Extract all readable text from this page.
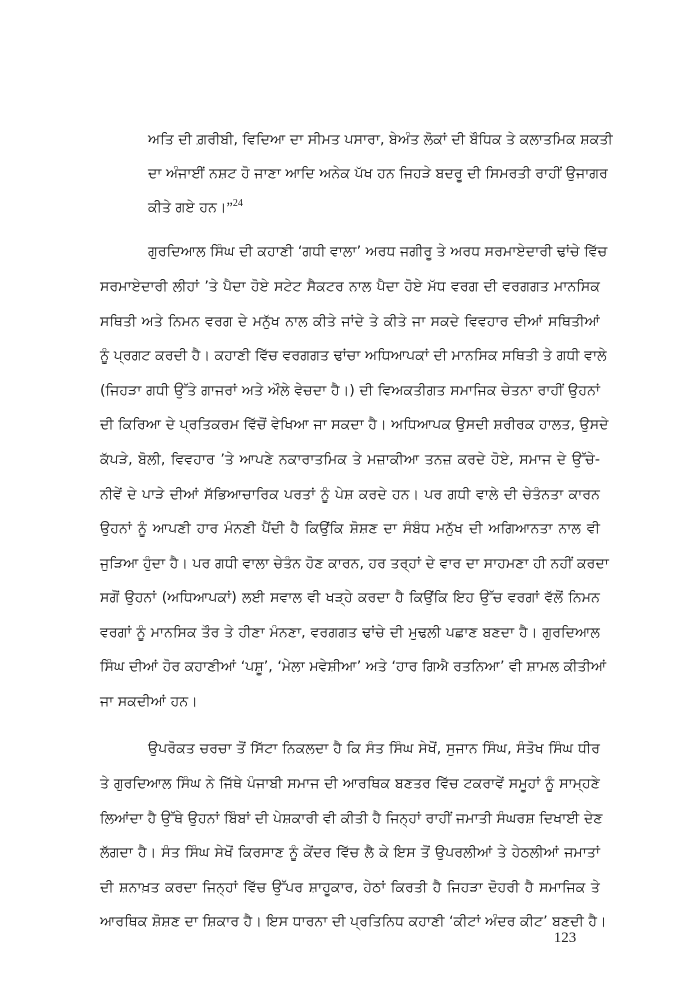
ਅਤਿ ਦੀ ਗ਼ਰੀਬੀ, ਵਿਦਿਆ ਦਾ ਸੀਮਤ ਪਸਾਰਾ, ਬੇਅੰਤ ਲੋਕਾਂ ਦੀ ਬੌਧਿਕ ਤੇ ਕਲਾਤਮਿਕ ਸ਼ਕਤੀ
ਦਾ ਅੰਜਾਈਂ ਨਸ਼ਟ ਹੋ ਜਾਣਾ ਆਦਿ ਅਨੇਕ ਪੱਖ ਹਨ ਜਿਹੜੇ ਬਦਰੂ ਦੀ ਸਿਮਰਤੀ ਰਾਹੀਂ ਉਜਾਗਰ
ਕੀਤੇ ਗਏ ਹਨ।”$^{24}$
ਗੁਰਦਿਆਲ ਸਿੰਘ ਦੀ ਕਹਾਣੀ ‘ਗਧੀ ਵਾਲਾ’ ਅਰਧ ਜਗੀਰੂ ਤੇ ਅਰਧ ਸਰਮਾਏਦਾਰੀ ਢਾਂਚੇ ਵਿੱਚ
ਸਰਮਾਏਦਾਰੀ ਲੀਹਾਂ ’ਤੇ ਪੈਦਾ ਹੋਏ ਸਟੇਟ ਸੈਕਟਰ ਨਾਲ ਪੈਦਾ ਹੋਏ ਮੱਧ ਵਰਗ ਦੀ ਵਰਗਗਤ ਮਾਨਸਿਕ
ਸਥਿਤੀ ਅਤੇ ਨਿਮਨ ਵਰਗ ਦੇ ਮਨੁੱਖ ਨਾਲ ਕੀਤੇ ਜਾਂਦੇ ਤੇ ਕੀਤੇ ਜਾ ਸਕਦੇ ਵਿਵਹਾਰ ਦੀਆਂ ਸਥਿਤੀਆਂ
ਨੂੰ ਪ੍ਰਗਟ ਕਰਦੀ ਹੈ। ਕਹਾਣੀ ਵਿੱਚ ਵਰਗਗਤ ਢਾਂਚਾ ਅਧਿਆਪਕਾਂ ਦੀ ਮਾਨਸਿਕ ਸਥਿਤੀ ਤੇ ਗਧੀ ਵਾਲੇ
(ਜਿਹੜਾ ਗਧੀ ਉੱਤੇ ਗਾਜਰਾਂ ਅਤੇ ਔਲੇ ਵੇਚਦਾ ਹੈ।) ਦੀ ਵਿਅਕਤੀਗਤ ਸਮਾਜਿਕ ਚੇਤਨਾ ਰਾਹੀਂ ਉਹਨਾਂ
ਦੀ ਕਿਰਿਆ ਦੇ ਪ੍ਰਤਿਕਰਮ ਵਿੱਚੋਂ ਵੇਖਿਆ ਜਾ ਸਕਦਾ ਹੈ। ਅਧਿਆਪਕ ਉਸਦੀ ਸ਼ਰੀਰਕ ਹਾਲਤ, ਉਸਦੇ
ਕੱਪੜੇ, ਬੋਲੀ, ਵਿਵਹਾਰ ’ਤੇ ਆਪਣੇ ਨਕਾਰਾਤਮਿਕ ਤੇ ਮਜ਼ਾਕੀਆ ਤਨਜ਼ ਕਰਦੇ ਹੋਏ, ਸਮਾਜ ਦੇ ਉੱਚੇ-
ਨੀਵੇਂ ਦੇ ਪਾੜੇ ਦੀਆਂ ਸੱਭਿਆਚਾਰਿਕ ਪਰਤਾਂ ਨੂੰ ਪੇਸ਼ ਕਰਦੇ ਹਨ। ਪਰ ਗਧੀ ਵਾਲੇ ਦੀ ਚੇਤੰਨਤਾ ਕਾਰਨ
ਉਹਨਾਂ ਨੂੰ ਆਪਣੀ ਹਾਰ ਮੰਨਣੀ ਪੈਂਦੀ ਹੈ ਕਿਉਂਕਿ ਸ਼ੋਸ਼ਣ ਦਾ ਸੰਬੰਧ ਮਨੁੱਖ ਦੀ ਅਗਿਆਨਤਾ ਨਾਲ ਵੀ
ਜੁੜਿਆ ਹੁੰਦਾ ਹੈ। ਪਰ ਗਧੀ ਵਾਲਾ ਚੇਤੰਨ ਹੋਣ ਕਾਰਨ, ਹਰ ਤਰ੍ਹਾਂ ਦੇ ਵਾਰ ਦਾ ਸਾਹਮਣਾ ਹੀ ਨਹੀਂ ਕਰਦਾ
ਸਗੋਂ ਉਹਨਾਂ (ਅਧਿਆਪਕਾਂ) ਲਈ ਸਵਾਲ ਵੀ ਖੜ੍ਹੇ ਕਰਦਾ ਹੈ ਕਿਉਂਕਿ ਇਹ ਉੱਚ ਵਰਗਾਂ ਵੱਲੋਂ ਨਿਮਨ
ਵਰਗਾਂ ਨੂੰ ਮਾਨਸਿਕ ਤੌਰ ਤੇ ਹੀਣਾ ਮੰਨਣਾ, ਵਰਗਗਤ ਢਾਂਚੇ ਦੀ ਮੁਢਲੀ ਪਛਾਣ ਬਣਦਾ ਹੈ। ਗੁਰਦਿਆਲ
ਸਿੰਘ ਦੀਆਂ ਹੋਰ ਕਹਾਣੀਆਂ ‘ਪਸ਼ੂ’, ‘ਮੇਲਾ ਮਵੇਸ਼ੀਆ’ ਅਤੇ ‘ਹਾਰ ਗਿਐ ਰਤਨਿਆ’ ਵੀ ਸ਼ਾਮਲ ਕੀਤੀਆਂ
ਜਾ ਸਕਦੀਆਂ ਹਨ।
ਉਪਰੋਕਤ ਚਰਚਾ ਤੋਂ ਸਿੱਟਾ ਨਿਕਲਦਾ ਹੈ ਕਿ ਸੰਤ ਸਿੰਘ ਸੇਖੋਂ, ਸੁਜਾਨ ਸਿੰਘ, ਸੰਤੋਖ ਸਿੰਘ ਧੀਰ
ਤੇ ਗੁਰਦਿਆਲ ਸਿੰਘ ਨੇ ਜਿੱਥੇ ਪੰਜਾਬੀ ਸਮਾਜ ਦੀ ਆਰਥਿਕ ਬਣਤਰ ਵਿੱਚ ਟਕਰਾਵੇਂ ਸਮੂਹਾਂ ਨੂੰ ਸਾਮ੍ਹਣੇ
ਲਿਆਂਦਾ ਹੈ ਉੱਥੇ ਉਹਨਾਂ ਬਿੰਬਾਂ ਦੀ ਪੇਸ਼ਕਾਰੀ ਵੀ ਕੀਤੀ ਹੈ ਜਿਨ੍ਹਾਂ ਰਾਹੀਂ ਜਮਾਤੀ ਸੰਘਰਸ਼ ਦਿਖਾਈ ਦੇਣ
ਲੱਗਦਾ ਹੈ। ਸੰਤ ਸਿੰਘ ਸੇਖੋਂ ਕਿਰਸਾਣ ਨੂੰ ਕੇਂਦਰ ਵਿੱਚ ਲੈ ਕੇ ਇਸ ਤੋਂ ਉਪਰਲੀਆਂ ਤੇ ਹੇਠਲੀਆਂ ਜਮਾਤਾਂ
ਦੀ ਸ਼ਨਾਖ਼ਤ ਕਰਦਾ ਜਿਨ੍ਹਾਂ ਵਿੱਚ ਉੱਪਰ ਸ਼ਾਹੂਕਾਰ, ਹੇਠਾਂ ਕਿਰਤੀ ਹੈ ਜਿਹੜਾ ਦੋਹਰੀ ਹੈ ਸਮਾਜਿਕ ਤੇ
ਆਰਥਿਕ ਸ਼ੋਸ਼ਣ ਦਾ ਸ਼ਿਕਾਰ ਹੈ। ਇਸ ਧਾਰਨਾ ਦੀ ਪ੍ਰਤਿਨਿਧ ਕਹਾਣੀ ‘ਕੀਟਾਂ ਅੰਦਰ ਕੀਟ’ ਬਣਦੀ ਹੈ।
123
